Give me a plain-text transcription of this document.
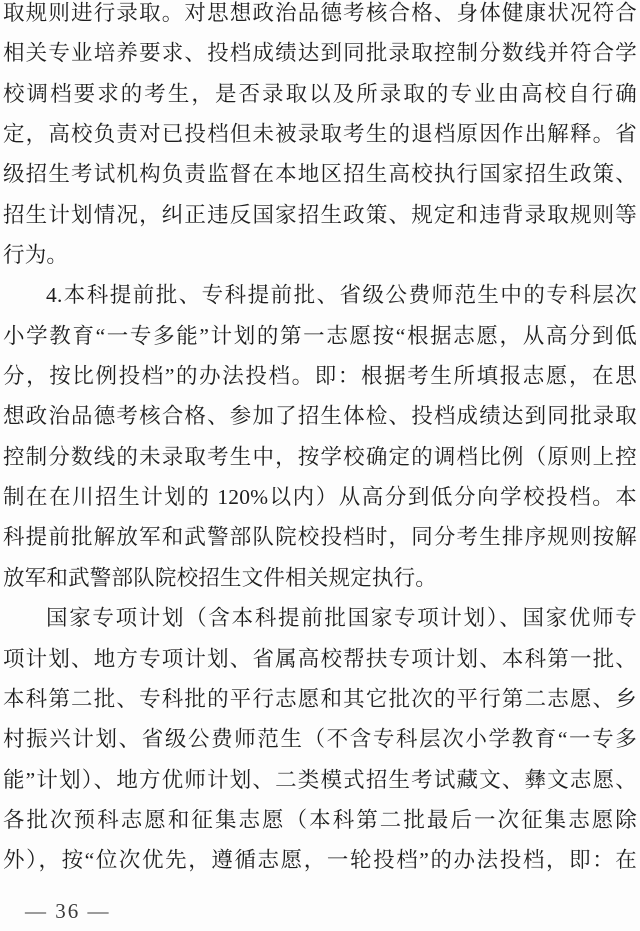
取规则进行录取。对思想政治品德考核合格、身体健康状况符合
相关专业培养要求、投档成绩达到同批录取控制分数线并符合学
校调档要求的考生，是否录取以及所录取的专业由高校自行确
定，高校负责对已投档但未被录取考生的退档原因作出解释。省
级招生考试机构负责监督在本地区招生高校执行国家招生政策、
招生计划情况，纠正违反国家招生政策、规定和违背录取规则等
行为。
4.本科提前批、专科提前批、省级公费师范生中的专科层次
小学教育“一专多能”计划的第一志愿按“根据志愿，从高分到低
分，按比例投档”的办法投档。即：根据考生所填报志愿，在思
想政治品德考核合格、参加了招生体检、投档成绩达到同批录取
控制分数线的未录取考生中，按学校确定的调档比例（原则上控
制在在川招生计划的 120%以内）从高分到低分向学校投档。本
科提前批解放军和武警部队院校投档时，同分考生排序规则按解
放军和武警部队院校招生文件相关规定执行。
国家专项计划（含本科提前批国家专项计划）、国家优师专
项计划、地方专项计划、省属高校帮扶专项计划、本科第一批、
本科第二批、专科批的平行志愿和其它批次的平行第二志愿、乡
村振兴计划、省级公费师范生（不含专科层次小学教育“一专多
能”计划）、地方优师计划、二类模式招生考试藏文、彝文志愿、
各批次预科志愿和征集志愿（本科第二批最后一次征集志愿除
外），按“位次优先，遵循志愿，一轮投档”的办法投档，即：在
— 36 —
